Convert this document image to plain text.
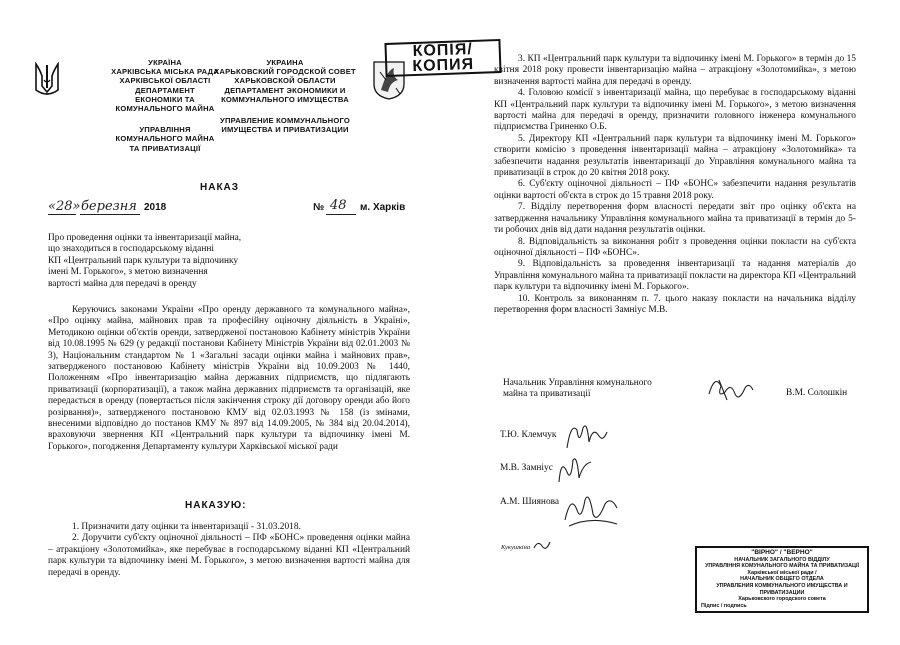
УКРАЇНА
ХАРКІВСЬКА МІСЬКА РАДА
ХАРКІВСЬКОЇ ОБЛАСТІ
ДЕПАРТАМЕНТ
ЕКОНОМІКИ ТА
КОМУНАЛЬНОГО МАЙНА
УПРАВЛІННЯ
КОМУНАЛЬНОГО МАЙНА
ТА ПРИВАТИЗАЦІЇ
УКРАИНА
ХАРЬКОВСКИЙ ГОРОДСКОЙ СОВЕТ
ХАРЬКОВСКОЙ ОБЛАСТИ
ДЕПАРТАМЕНТ ЭКОНОМИКИ И
КОММУНАЛЬНОГО ИМУЩЕСТВА
УПРАВЛЕНИЕ КОММУНАЛЬНОГО
ИМУЩЕСТВА И ПРИВАТИЗАЦИИ
КОПІЯ/
КОПИЯ
НАКАЗ
«28» березня 2018	№ 48 м. Харків
Про проведення оцінки та інвентаризації майна,
що знаходиться в господарському віданні
КП «Центральний парк культури та відпочинку
імені М. Горького», з метою визначення
вартості майна для передачі в оренду

Керуючись законами України «Про оренду державного та комунального майна», «Про оцінку майна, майнових прав та професійну оціночну діяльність в Україні», Методикою оцінки об'єктів оренди, затвердженої постановою Кабінету міністрів України від 10.08.1995 № 629 (у редакції постанови Кабінету Міністрів України від 02.01.2003 № 3), Національним стандартом № 1 «Загальні засади оцінки майна і майнових прав», затвердженого постановою Кабінету міністрів України від 10.09.2003 № 1440, Положенням «Про інвентаризацію майна державних підприємств, що підлягають приватизації (корпоратизації), а також майна державних підприємств та організацій, яке передається в оренду (повертається після закінчення строку дії договору оренди або його розірвання)», затвердженого постановою КМУ від 02.03.1993 № 158 (із змінами, внесеними відповідно до постанов КМУ № 897 від 14.09.2005, № 384 від 20.04.2014), враховуючи звернення КП «Центральний парк культури та відпочинку імені М. Горького», погодження Департаменту культури Харківської міської ради

НАКАЗУЮ:

1. Призначити дату оцінки та інвентаризації - 31.03.2018.

2. Доручити суб'єкту оціночної діяльності – ПФ «БОНС» проведення оцінки майна – атракціону «Золотомийка», яке перебуває в господарському віданні КП «Центральний парк культури та відпочинку імені М. Горького», з метою визначення вартості майна для передачі в оренду.

3. КП «Центральний парк культури та відпочинку імені М. Горького» в термін до 15 квітня 2018 року провести інвентаризацію майна – атракціону «Золотомийка», з метою визначення вартості майна для передачі в оренду.

4. Головою комісії з інвентаризації майна, що перебуває в господарському віданні КП «Центральний парк культури та відпочинку імені М. Горького», з метою визначення вартості майна для передачі в оренду, призначити головного інженера комунального підприємства Гриненко О.Б.

5. Директору КП «Центральний парк культури та відпочинку імені М. Горького» створити комісію з проведення інвентаризації майна – атракціону «Золотомийка» та забезпечити надання результатів інвентаризації до Управління комунального майна та приватизації в строк до 20 квітня 2018 року.

6. Суб'єкту оціночної діяльності – ПФ «БОНС» забезпечити надання результатів оцінки вартості об'єкта в строк до 15 травня 2018 року.

7. Відділу перетворення форм власності передати звіт про оцінку об'єкта на затвердження начальнику Управління комунального майна та приватизації в термін до 5-ти робочих днів від дати надання результатів оцінки.

8. Відповідальність за виконання робіт з проведення оцінки покласти на суб'єкта оціночної діяльності – ПФ «БОНС».

9. Відповідальність за проведення інвентаризації та надання матеріалів до Управління комунального майна та приватизації покласти на директора КП «Центральний парк культури та відпочинку імені М. Горького».

10. Контроль за виконанням п. 7. цього наказу покласти на начальника відділу перетворення форм власності Замніус М.В.

Начальник Управління комунального
майна та приватизації	В.М. Солошкін
Т.Ю. Клемчук
М.В. Замніус
А.М. Шиянова
Кукушкіна
"ВІРНО" / "ВЕРНО"
НАЧАЛЬНИК ЗАГАЛЬНОГО ВІДДІЛУ
УПРАВЛІННЯ КОМУНАЛЬНОГО МАЙНА ТА ПРИВАТИЗАЦІЇ
Харківської міської ради /
НАЧАЛЬНИК ОБЩЕГО ОТДЕЛА
УПРАВЛЕНИЯ КОММУНАЛЬНОГО ИМУЩЕСТВА И ПРИВАТИЗАЦИИ
Харьковского городского совета
Підпис / подпись
